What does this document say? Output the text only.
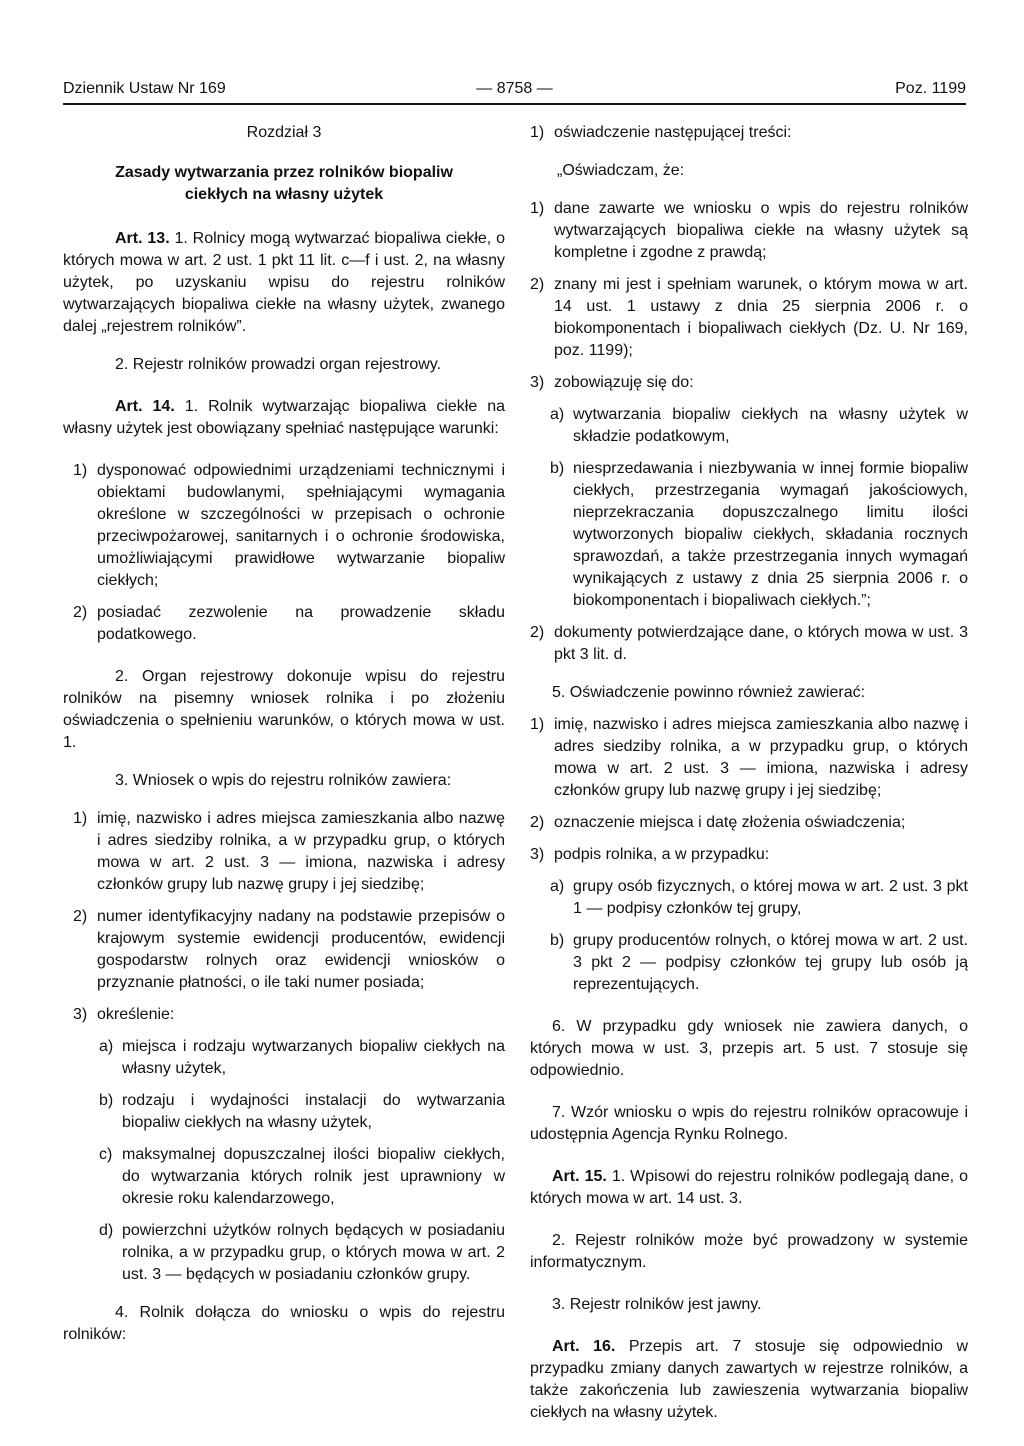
Dziennik Ustaw Nr 169	— 8758 —	Poz. 1199

Rozdział 3

Zasady wytwarzania przez rolników biopaliw ciekłych na własny użytek

Art. 13. 1. Rolnicy mogą wytwarzać biopaliwa ciekłe, o których mowa w art. 2 ust. 1 pkt 11 lit. c—f i ust. 2, na własny użytek, po uzyskaniu wpisu do rejestru rolników wytwarzających biopaliwa ciekłe na własny użytek, zwanego dalej „rejestrem rolników”.

2. Rejestr rolników prowadzi organ rejestrowy.

Art. 14. 1. Rolnik wytwarzając biopaliwa ciekłe na własny użytek jest obowiązany spełniać następujące warunki:

1) dysponować odpowiednimi urządzeniami technicznymi i obiektami budowlanymi, spełniającymi wymagania określone w szczególności w przepisach o ochronie przeciwpożarowej, sanitarnych i o ochronie środowiska, umożliwiającymi prawidłowe wytwarzanie biopaliw ciekłych;
2) posiadać zezwolenie na prowadzenie składu podatkowego.

2. Organ rejestrowy dokonuje wpisu do rejestru rolników na pisemny wniosek rolnika i po złożeniu oświadczenia o spełnieniu warunków, o których mowa w ust. 1.

3. Wniosek o wpis do rejestru rolników zawiera:

1) imię, nazwisko i adres miejsca zamieszkania albo nazwę i adres siedziby rolnika, a w przypadku grup, o których mowa w art. 2 ust. 3 — imiona, nazwiska i adresy członków grupy lub nazwę grupy i jej siedzibę;
2) numer identyfikacyjny nadany na podstawie przepisów o krajowym systemie ewidencji producentów, ewidencji gospodarstw rolnych oraz ewidencji wniosków o przyznanie płatności, o ile taki numer posiada;
3) określenie:
a) miejsca i rodzaju wytwarzanych biopaliw ciekłych na własny użytek,
b) rodzaju i wydajności instalacji do wytwarzania biopaliw ciekłych na własny użytek,
c) maksymalnej dopuszczalnej ilości biopaliw ciekłych, do wytwarzania których rolnik jest uprawniony w okresie roku kalendarzowego,
d) powierzchni użytków rolnych będących w posiadaniu rolnika, a w przypadku grup, o których mowa w art. 2 ust. 3 — będących w posiadaniu członków grupy.

4. Rolnik dołącza do wniosku o wpis do rejestru rolników:

1) oświadczenie następującej treści:

„Oświadczam, że:

1) dane zawarte we wniosku o wpis do rejestru rolników wytwarzających biopaliwa ciekłe na własny użytek są kompletne i zgodne z prawdą;
2) znany mi jest i spełniam warunek, o którym mowa w art. 14 ust. 1 ustawy z dnia 25 sierpnia 2006 r. o biokomponentach i biopaliwach ciekłych (Dz. U. Nr 169, poz. 1199);
3) zobowiązuję się do:
a) wytwarzania biopaliw ciekłych na własny użytek w składzie podatkowym,
b) niesprzedawania i niezbywania w innej formie biopaliw ciekłych, przestrzegania wymagań jakościowych, nieprzekraczania dopuszczalnego limitu ilości wytworzonych biopaliw ciekłych, składania rocznych sprawozdań, a także przestrzegania innych wymagań wynikających z ustawy z dnia 25 sierpnia 2006 r. o biokomponentach i biopaliwach ciekłych.”;
2) dokumenty potwierdzające dane, o których mowa w ust. 3 pkt 3 lit. d.

5. Oświadczenie powinno również zawierać:

1) imię, nazwisko i adres miejsca zamieszkania albo nazwę i adres siedziby rolnika, a w przypadku grup, o których mowa w art. 2 ust. 3 — imiona, nazwiska i adresy członków grupy lub nazwę grupy i jej siedzibę;
2) oznaczenie miejsca i datę złożenia oświadczenia;
3) podpis rolnika, a w przypadku:
a) grupy osób fizycznych, o której mowa w art. 2 ust. 3 pkt 1 — podpisy członków tej grupy,
b) grupy producentów rolnych, o której mowa w art. 2 ust. 3 pkt 2 — podpisy członków tej grupy lub osób ją reprezentujących.

6. W przypadku gdy wniosek nie zawiera danych, o których mowa w ust. 3, przepis art. 5 ust. 7 stosuje się odpowiednio.

7. Wzór wniosku o wpis do rejestru rolników opracowuje i udostępnia Agencja Rynku Rolnego.

Art. 15. 1. Wpisowi do rejestru rolników podlegają dane, o których mowa w art. 14 ust. 3.

2. Rejestr rolników może być prowadzony w systemie informatycznym.

3. Rejestr rolników jest jawny.

Art. 16. Przepis art. 7 stosuje się odpowiednio w przypadku zmiany danych zawartych w rejestrze rolników, a także zakończenia lub zawieszenia wytwarzania biopaliw ciekłych na własny użytek.
